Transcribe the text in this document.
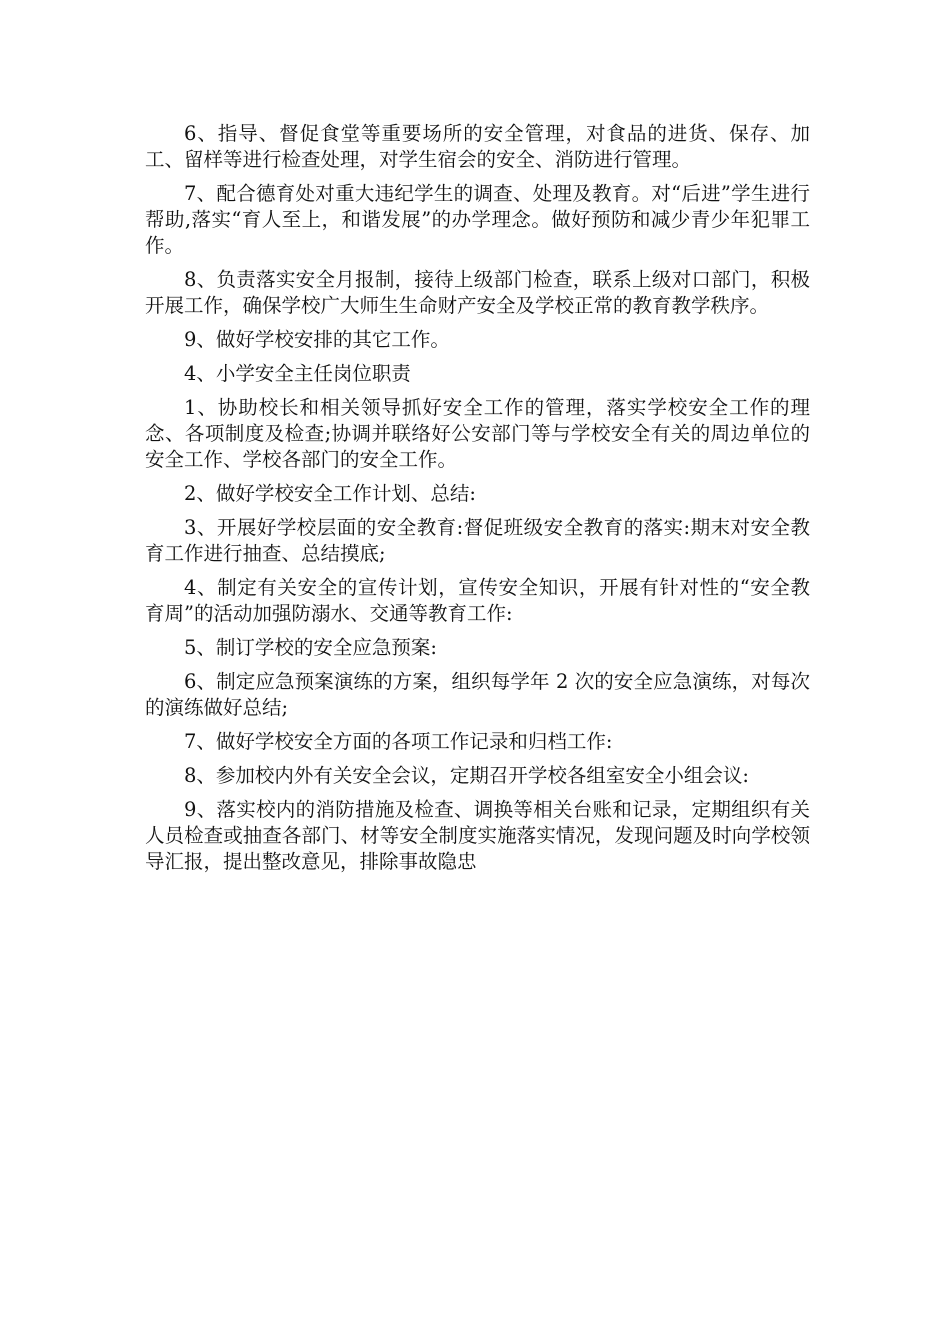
6、指导、督促食堂等重要场所的安全管理，对食品的进货、保存、加工、留样等进行检查处理，对学生宿会的安全、消防进行管理。

7、配合德育处对重大违纪学生的调查、处理及教育。对“后进”学生进行帮助,落实“育人至上，和谐发展”的办学理念。做好预防和减少青少年犯罪工作。

8、负责落实安全月报制，接待上级部门检查，联系上级对口部门，积极开展工作，确保学校广大师生生命财产安全及学校正常的教育教学秩序。

9、做好学校安排的其它工作。

4、小学安全主任岗位职责

1、协助校长和相关领导抓好安全工作的管理，落实学校安全工作的理念、各项制度及检查;协调并联络好公安部门等与学校安全有关的周边单位的安全工作、学校各部门的安全工作。

2、做好学校安全工作计划、总结:

3、开展好学校层面的安全教育:督促班级安全教育的落实:期末对安全教育工作进行抽查、总结摸底;

4、制定有关安全的宣传计划，宣传安全知识，开展有针对性的“安全教育周”的活动加强防溺水、交通等教育工作:

5、制订学校的安全应急预案:

6、制定应急预案演练的方案，组织每学年 2 次的安全应急演练，对每次的演练做好总结;

7、做好学校安全方面的各项工作记录和归档工作:

8、参加校内外有关安全会议，定期召开学校各组室安全小组会议:

9、落实校内的消防措施及检查、调换等相关台账和记录，定期组织有关人员检查或抽查各部门、材等安全制度实施落实情况，发现问题及时向学校领导汇报，提出整改意见，排除事故隐忠
